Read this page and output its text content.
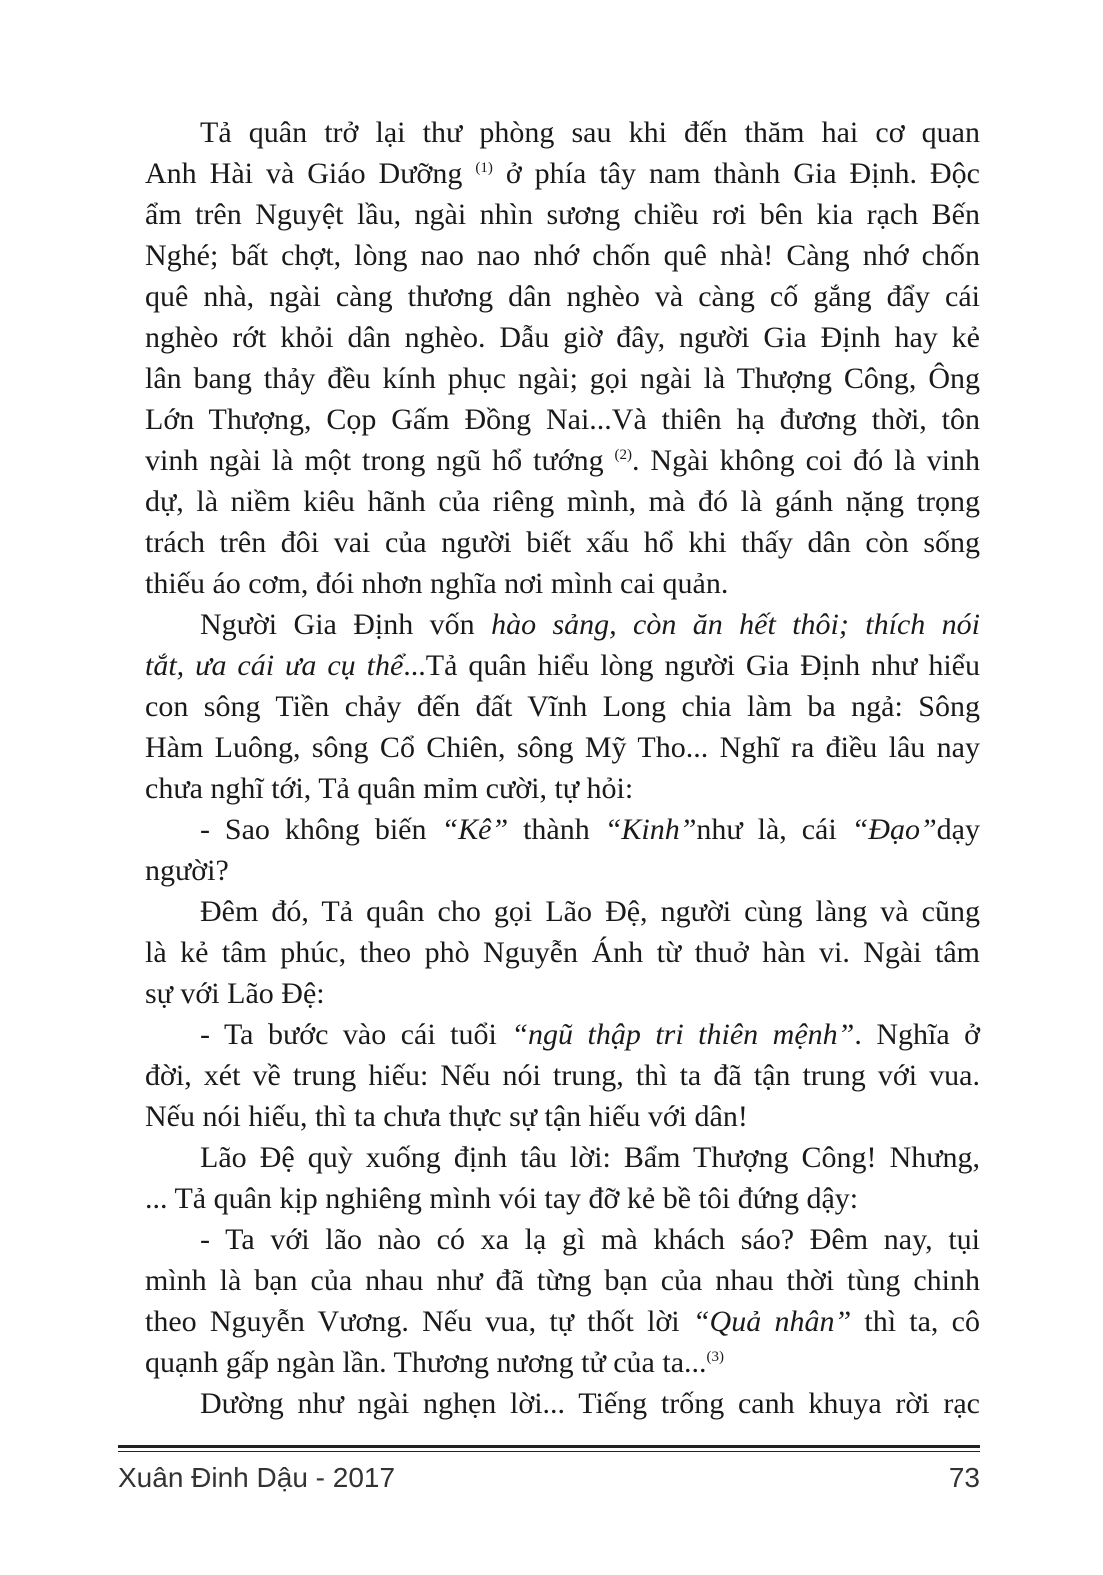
Tả quân trở lại thư phòng sau khi đến thăm hai cơ quan
Anh Hài và Giáo Dưỡng $^{(1)}$ ở phía tây nam thành Gia Định. Độc
ẩm trên Nguyệt lầu, ngài nhìn sương chiều rơi bên kia rạch Bến
Nghé; bất chợt, lòng nao nao nhớ chốn quê nhà! Càng nhớ chốn
quê nhà, ngài càng thương dân nghèo và càng cố gắng đẩy cái
nghèo rớt khỏi dân nghèo. Dẫu giờ đây, người Gia Định hay kẻ
lân bang thảy đều kính phục ngài; gọi ngài là Thượng Công, Ông
Lớn Thượng, Cọp Gấm Đồng Nai...Và thiên hạ đương thời, tôn
vinh ngài là một trong ngũ hổ tướng $^{(2)}$. Ngài không coi đó là vinh
dự, là niềm kiêu hãnh của riêng mình, mà đó là gánh nặng trọng
trách trên đôi vai của người biết xấu hổ khi thấy dân còn sống
thiếu áo cơm, đói nhơn nghĩa nơi mình cai quản.
Người Gia Định vốn hào sảng, còn ăn hết thôi; thích nói
tắt, ưa cái ưa cụ thể...Tả quân hiểu lòng người Gia Định như hiểu
con sông Tiền chảy đến đất Vĩnh Long chia làm ba ngả: Sông
Hàm Luông, sông Cổ Chiên, sông Mỹ Tho... Nghĩ ra điều lâu nay
chưa nghĩ tới, Tả quân mỉm cười, tự hỏi:
- Sao không biến “Kê” thành “Kinh”như là, cái “Đạo”dạy
người?
Đêm đó, Tả quân cho gọi Lão Đệ, người cùng làng và cũng
là kẻ tâm phúc, theo phò Nguyễn Ánh từ thuở hàn vi. Ngài tâm
sự với Lão Đệ:
- Ta bước vào cái tuổi “ngũ thập tri thiên mệnh”. Nghĩa ở
đời, xét về trung hiếu: Nếu nói trung, thì ta đã tận trung với vua.
Nếu nói hiếu, thì ta chưa thực sự tận hiếu với dân!
Lão Đệ quỳ xuống định tâu lời: Bẩm Thượng Công! Nhưng,
... Tả quân kịp nghiêng mình vói tay đỡ kẻ bề tôi đứng dậy:
- Ta với lão nào có xa lạ gì mà khách sáo? Đêm nay, tụi
mình là bạn của nhau như đã từng bạn của nhau thời tùng chinh
theo Nguyễn Vương. Nếu vua, tự thốt lời “Quả nhân” thì ta, cô
quạnh gấp ngàn lần. Thương nương tử của ta...$^{(3)}$
Dường như ngài nghẹn lời... Tiếng trống canh khuya rời rạc
Xuân Đinh Dậu - 2017	73
